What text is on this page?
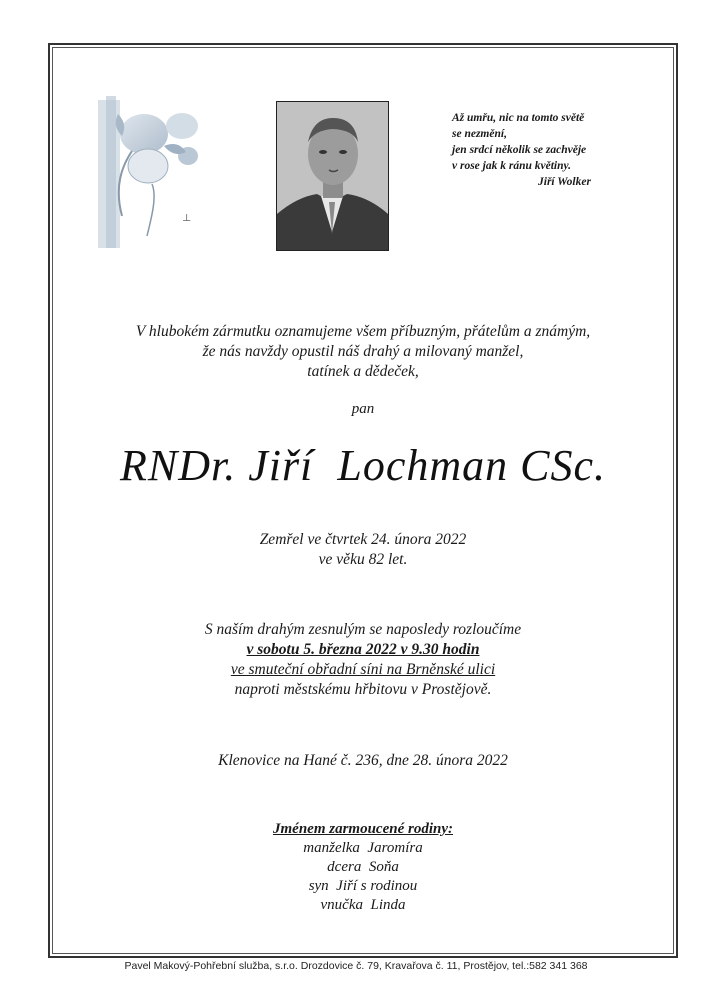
⊥
Až umřu, nic na tomto světě
se nezmění,
jen srdcí několik se zachvěje
v rose jak k ránu květiny.
Jiří Wolker
V hlubokém zármutku oznamujeme všem příbuzným, přátelům a známým,
že nás navždy opustil náš drahý a milovaný manžel,
tatínek a dědeček,
pan
RNDr. Jiří  Lochman CSc.
Zemřel ve čtvrtek 24. února 2022
ve věku 82 let.
S naším drahým zesnulým se naposledy rozloučíme
v sobotu 5. března 2022 v 9.30 hodin
ve smuteční obřadní síni na Brněnské ulici
naproti městskému hřbitovu v Prostějově.
Klenovice na Hané č. 236, dne 28. února 2022
Jménem zarmoucené rodiny:
manželka  Jaromíra
dcera  Soňa
syn  Jiří s rodinou
vnučka  Linda
Pavel Makový-Pohřební služba, s.r.o. Drozdovice č. 79, Kravařova č. 11, Prostějov, tel.:582 341 368
